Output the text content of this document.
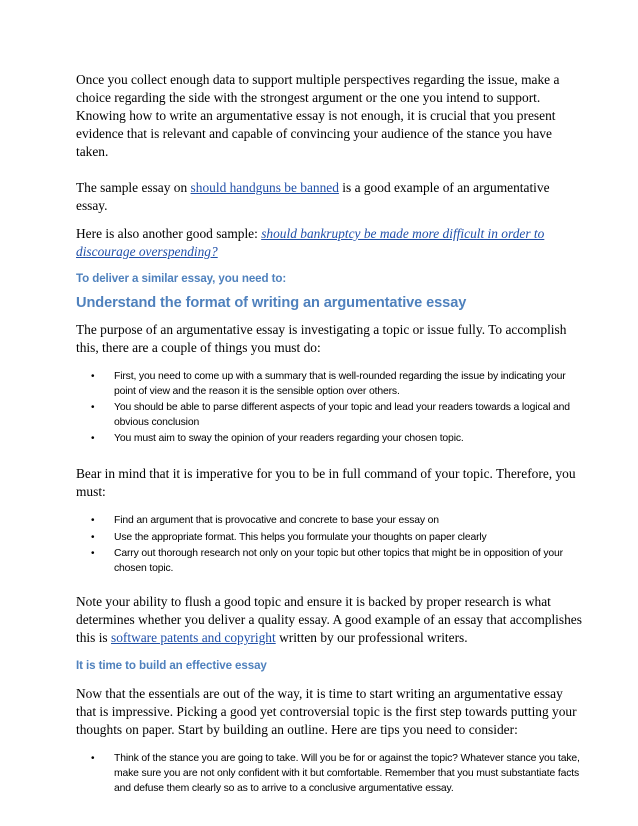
Once you collect enough data to support multiple perspectives regarding the issue, make a choice regarding the side with the strongest argument or the one you intend to support. Knowing how to write an argumentative essay is not enough, it is crucial that you present evidence that is relevant and capable of convincing your audience of the stance you have taken.

The sample essay on should handguns be banned is a good example of an argumentative essay.

Here is also another good sample: should bankruptcy be made more difficult in order to discourage overspending?

To deliver a similar essay, you need to:
Understand the format of writing an argumentative essay

The purpose of an argumentative essay is investigating a topic or issue fully. To accomplish this, there are a couple of things you must do:

• First, you need to come up with a summary that is well-rounded regarding the issue by indicating your point of view and the reason it is the sensible option over others.
• You should be able to parse different aspects of your topic and lead your readers towards a logical and obvious conclusion
• You must aim to sway the opinion of your readers regarding your chosen topic.

Bear in mind that it is imperative for you to be in full command of your topic. Therefore, you must:

• Find an argument that is provocative and concrete to base your essay on
• Use the appropriate format. This helps you formulate your thoughts on paper clearly
• Carry out thorough research not only on your topic but other topics that might be in opposition of your chosen topic.

Note your ability to flush a good topic and ensure it is backed by proper research is what determines whether you deliver a quality essay. A good example of an essay that accomplishes this is software patents and copyright written by our professional writers.

It is time to build an effective essay

Now that the essentials are out of the way, it is time to start writing an argumentative essay that is impressive. Picking a good yet controversial topic is the first step towards putting your thoughts on paper. Start by building an outline. Here are tips you need to consider:

• Think of the stance you are going to take. Will you be for or against the topic? Whatever stance you take, make sure you are not only confident with it but comfortable. Remember that you must substantiate facts and defuse them clearly so as to arrive to a conclusive argumentative essay.
